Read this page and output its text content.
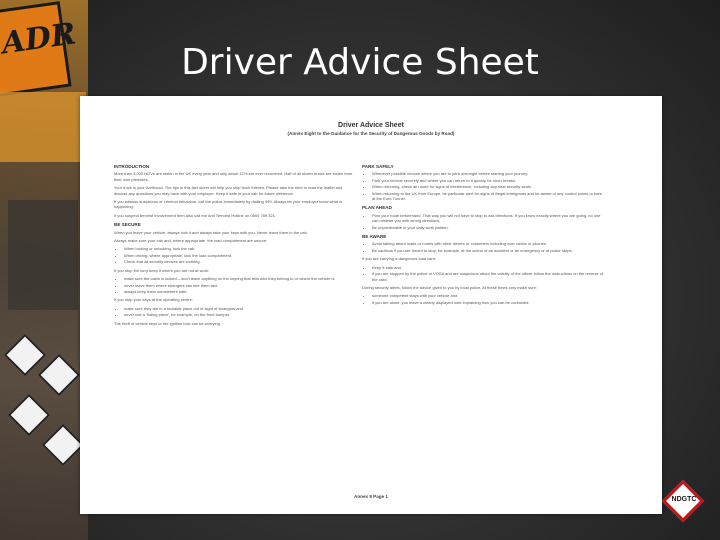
ADR
Driver Advice Sheet
Driver Advice Sheet
(Annex Eight to the Guidance for the Security of Dangerous Goods by Road)
INTRODUCTION

More than 3,000 HGVs are stolen in the UK every year and only about 12% are ever recovered. Half of all stolen trucks are stolen from their own premises.

Your truck is your livelihood. The tips in this fact sheet will help you stop truck thieves. Please take the time to read the leaflet and discuss any questions you may have with your employer. Keep it safe in your cab for future reference.

If you witness suspicious or criminal behaviour, call the police immediately by dialling 999. Always let your employer know what is happening.

If you suspect terrorist involvement then also call the Anti Terrorist Hotline on 0800 789 321.

BE SECURE

When you leave your vehicle, always lock it and always take your keys with you. Never leave them in the cab.

Always make sure your cab and, where appropriate, the load compartment are secure:

• When locking or unlocking, lock the cab.
• When driving, where appropriate, lock the load compartment.
• Check that all security devices are working.

If you stop the lorry keep it where you are not at work:

• make sure the cabin is locked – don't leave anything on the keyring that tells who they belong to or where the vehicle is
• never leave them where strangers can see them and
• always keep them somewhere safe.

If you stop your keys at the operating centre:

• make sure they are in a lockable place out of sight of strangers and
• never use a 'hiding place', for example, on the front bumper.

The theft of vehicle keys or the ignition lock can be worrying.

PARK SAFELY
• Whenever possible choose where you are to park overnight before starting your journey.
• Park your vehicle securely and where you can return to it quickly for short breaks.
• When returning, check all round for signs of interference, including any seal security seals.
• When returning to the UK from Europe, be particular alert for signs of illegal immigrants and be aware of any control points or bars at the Euro Tunnel.
PLAN AHEAD
• Plan your route beforehand. That way you will not have to stop to ask directions. If you know exactly where you are going, no one can mislead you with wrong directions.
• Be unpredictable in your daily work pattern.
BE AWARE
• Avoid talking about loads or routes with other drivers or customers including over radios or phones.
• Be cautious if you are forced to stop, for example, at the scene of an accident or an emergency or at police stops.

If you are carrying a dangerous load card:

• Keep it safe and
• if you are stopped by the police or VOSA and are suspicious about the validity of the officer follow the instructions on the reverse of the card.

During security alerts, follow the advice given to you by local police. At these times only make sure:

• someone competent stays with your vehicle and
• if you are alone, you leave a clearly displayed note explaining how you can be contacted.
Annex 8 Page 1	NDGTC
